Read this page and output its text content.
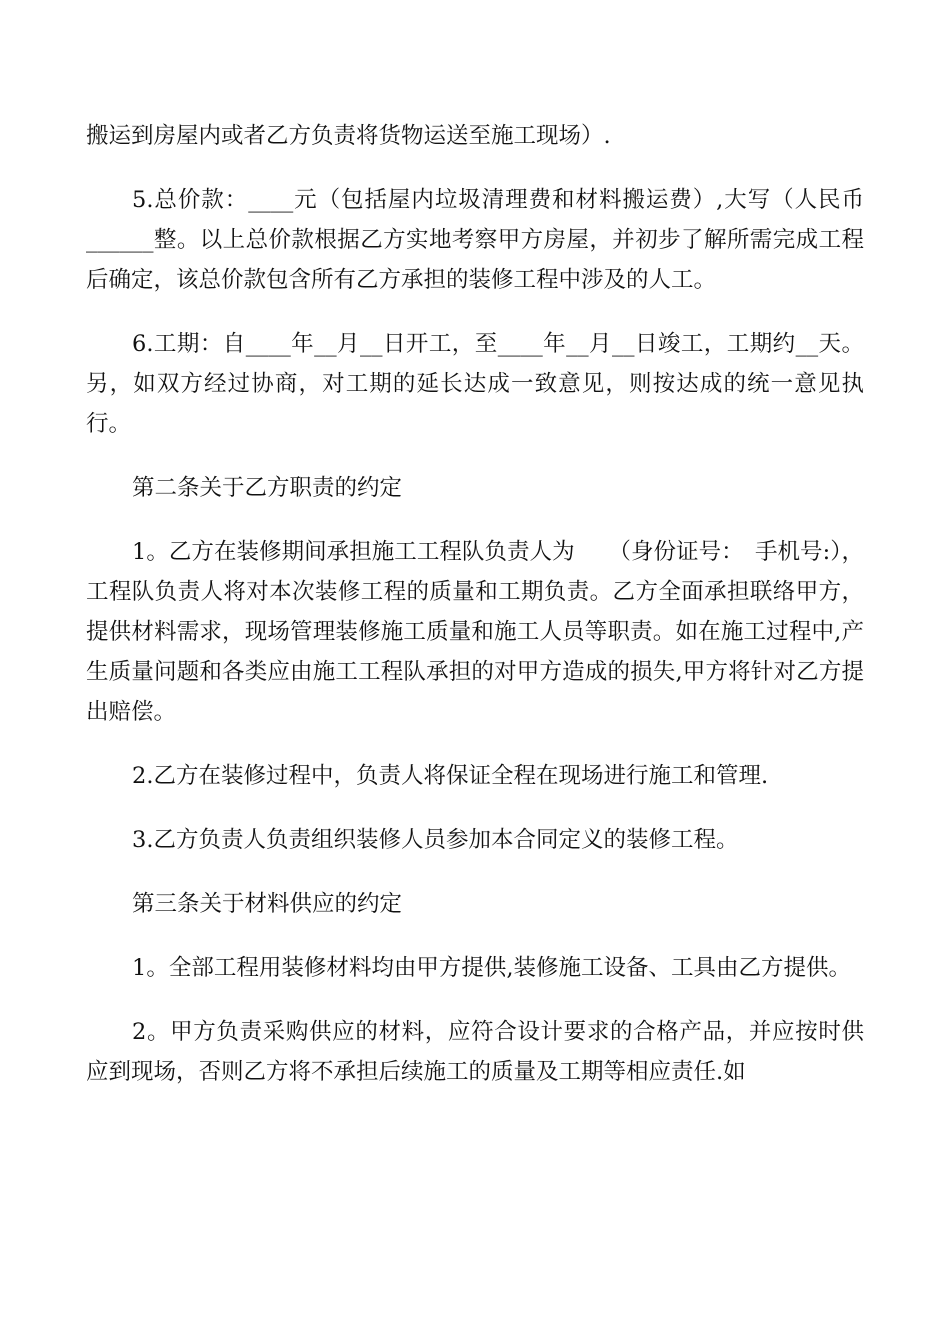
搬运到房屋内或者乙方负责将货物运送至施工现场）.

5.总价款：____元（包括屋内垃圾清理费和材料搬运费）,大写（人民币______整。以上总价款根据乙方实地考察甲方房屋，并初步了解所需完成工程后确定，该总价款包含所有乙方承担的装修工程中涉及的人工。

6.工期：自____年__月__日开工，至____年__月__日竣工，工期约__天。另，如双方经过协商，对工期的延长达成一致意见，则按达成的统一意见执行。

第二条关于乙方职责的约定

1。乙方在装修期间承担施工工程队负责人为　　（身份证号：　手机号:），工程队负责人将对本次装修工程的质量和工期负责。乙方全面承担联络甲方，提供材料需求，现场管理装修施工质量和施工人员等职责。如在施工过程中,产生质量问题和各类应由施工工程队承担的对甲方造成的损失,甲方将针对乙方提出赔偿。

2.乙方在装修过程中，负责人将保证全程在现场进行施工和管理.

3.乙方负责人负责组织装修人员参加本合同定义的装修工程。

第三条关于材料供应的约定

1。全部工程用装修材料均由甲方提供,装修施工设备、工具由乙方提供。

2。甲方负责采购供应的材料，应符合设计要求的合格产品，并应按时供应到现场，否则乙方将不承担后续施工的质量及工期等相应责任.如
